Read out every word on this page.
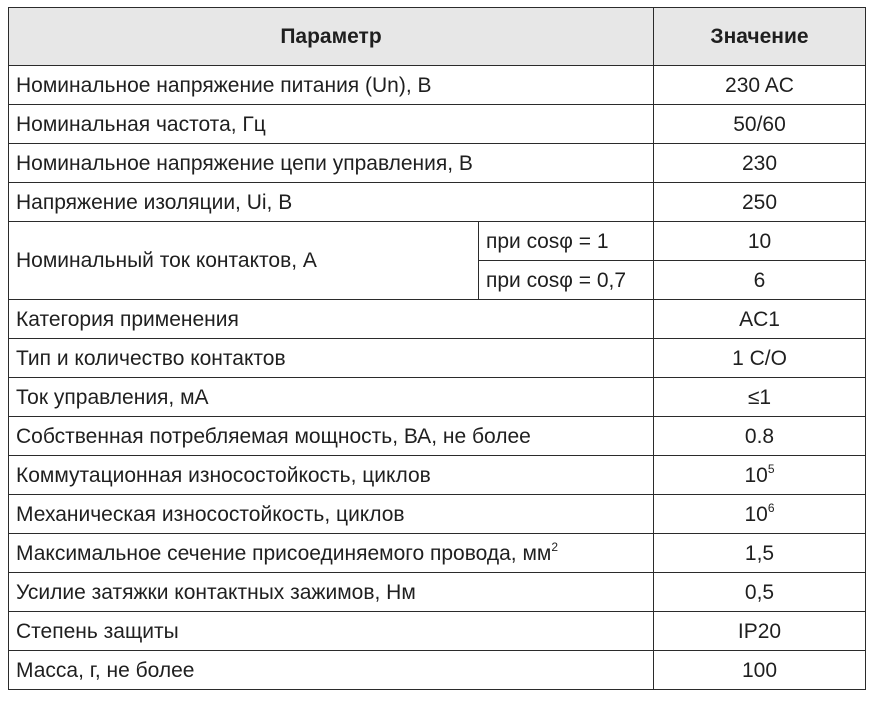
Параметр		Значение
Номинальное напряжение питания (Un), В		230 AC
Номинальная частота, Гц		50/60
Номинальное напряжение цепи управления, В		230
Напряжение изоляции, Ui, В		250
Номинальный ток контактов, А	при cosφ = 1	10
	при cosφ = 0,7	6
Категория применения		AC1
Тип и количество контактов		1 C/O
Ток управления, мА		≤1
Собственная потребляемая мощность, ВА, не более		0.8
Коммутационная износостойкость, циклов		$10^5$
Механическая износостойкость, циклов		$10^6$
Максимальное сечение присоединяемого провода, $мм^2$		1,5
Усилие затяжки контактных зажимов, Нм		0,5
Степень защиты		IP20
Масса, г, не более		100
